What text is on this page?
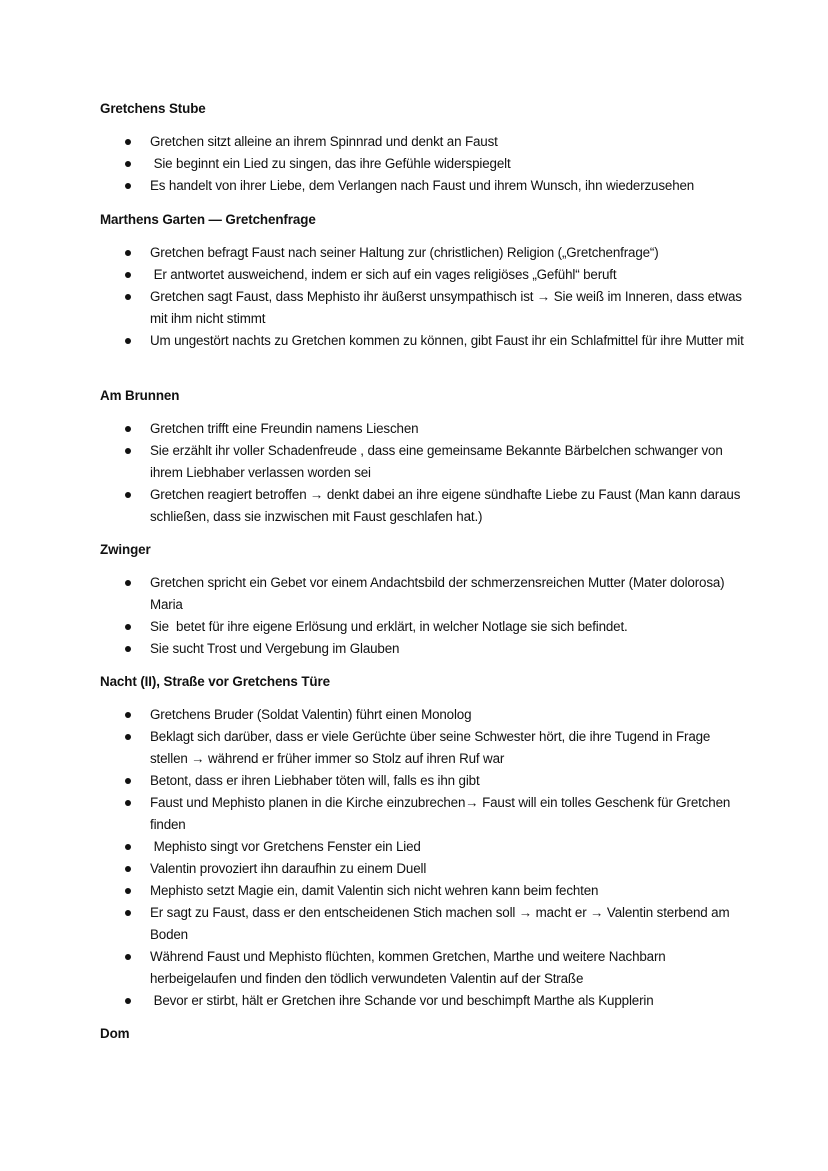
Gretchens Stube
Gretchen sitzt alleine an ihrem Spinnrad und denkt an Faust
Sie beginnt ein Lied zu singen, das ihre Gefühle widerspiegelt
Es handelt von ihrer Liebe, dem Verlangen nach Faust und ihrem Wunsch, ihn wiederzusehen
Marthens Garten — Gretchenfrage
Gretchen befragt Faust nach seiner Haltung zur (christlichen) Religion („Gretchenfrage“)
Er antwortet ausweichend, indem er sich auf ein vages religiöses „Gefühl“ beruft
Gretchen sagt Faust, dass Mephisto ihr äußerst unsympathisch ist → Sie weiß im Inneren, dass etwas mit ihm nicht stimmt
Um ungestört nachts zu Gretchen kommen zu können, gibt Faust ihr ein Schlafmittel für ihre Mutter mit
Am Brunnen
Gretchen trifft eine Freundin namens Lieschen
Sie erzählt ihr voller Schadenfreude , dass eine gemeinsame Bekannte Bärbelchen schwanger von ihrem Liebhaber verlassen worden sei
Gretchen reagiert betroffen → denkt dabei an ihre eigene sündhafte Liebe zu Faust (Man kann daraus schließen, dass sie inzwischen mit Faust geschlafen hat.)
Zwinger
Gretchen spricht ein Gebet vor einem Andachtsbild der schmerzensreichen Mutter (Mater dolorosa) Maria
Sie  betet für ihre eigene Erlösung und erklärt, in welcher Notlage sie sich befindet.
Sie sucht Trost und Vergebung im Glauben
Nacht (II), Straße vor Gretchens Türe
Gretchens Bruder (Soldat Valentin) führt einen Monolog
Beklagt sich darüber, dass er viele Gerüchte über seine Schwester hört, die ihre Tugend in Frage stellen → während er früher immer so Stolz auf ihren Ruf war
Betont, dass er ihren Liebhaber töten will, falls es ihn gibt
Faust und Mephisto planen in die Kirche einzubrechen→ Faust will ein tolles Geschenk für Gretchen finden
Mephisto singt vor Gretchens Fenster ein Lied
Valentin provoziert ihn daraufhin zu einem Duell
Mephisto setzt Magie ein, damit Valentin sich nicht wehren kann beim fechten
Er sagt zu Faust, dass er den entscheidenen Stich machen soll → macht er → Valentin sterbend am Boden
Während Faust und Mephisto flüchten, kommen Gretchen, Marthe und weitere Nachbarn herbeigelaufen und finden den tödlich verwundeten Valentin auf der Straße
Bevor er stirbt, hält er Gretchen ihre Schande vor und beschimpft Marthe als Kupplerin
Dom
